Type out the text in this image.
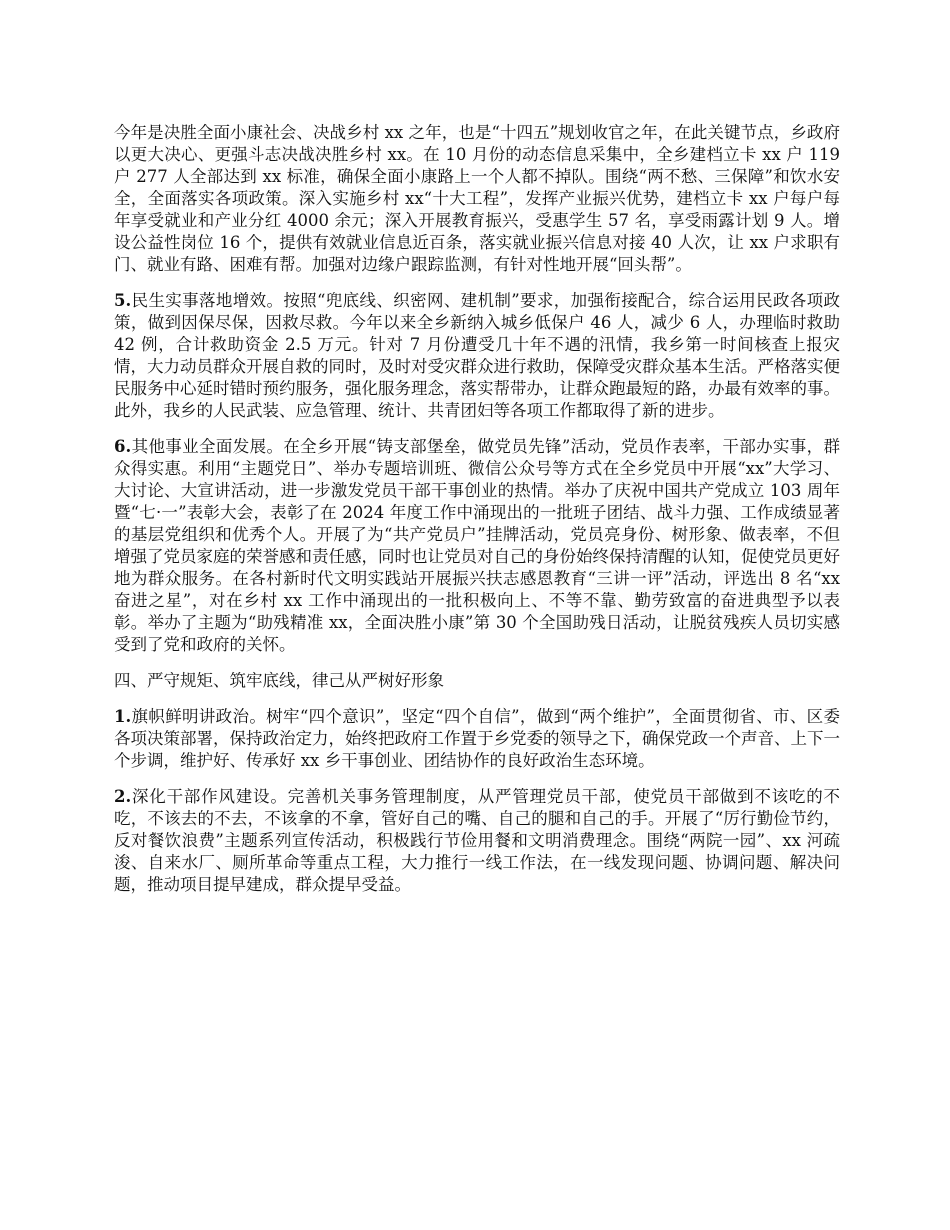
今年是决胜全面小康社会、决战乡村 xx 之年，也是“十四五”规划收官之年，在此关键节点，乡政府以更大决心、更强斗志决战决胜乡村 xx。在 10 月份的动态信息采集中，全乡建档立卡 xx 户 119 户 277 人全部达到 xx 标准，确保全面小康路上一个人都不掉队。围绕“两不愁、三保障”和饮水安全，全面落实各项政策。深入实施乡村 xx“十大工程”，发挥产业振兴优势，建档立卡 xx 户每户每年享受就业和产业分红 4000 余元；深入开展教育振兴，受惠学生 57 名，享受雨露计划 9 人。增设公益性岗位 16 个，提供有效就业信息近百条，落实就业振兴信息对接 40 人次，让 xx 户求职有门、就业有路、困难有帮。加强对边缘户跟踪监测，有针对性地开展“回头帮”。

5.民生实事落地增效。按照“兜底线、织密网、建机制”要求，加强衔接配合，综合运用民政各项政策，做到因保尽保，因救尽救。今年以来全乡新纳入城乡低保户 46 人，减少 6 人，办理临时救助 42 例，合计救助资金 2.5 万元。针对 7 月份遭受几十年不遇的汛情，我乡第一时间核查上报灾情，大力动员群众开展自救的同时，及时对受灾群众进行救助，保障受灾群众基本生活。严格落实便民服务中心延时错时预约服务，强化服务理念，落实帮带办，让群众跑最短的路，办最有效率的事。此外，我乡的人民武装、应急管理、统计、共青团妇等各项工作都取得了新的进步。

6.其他事业全面发展。在全乡开展“铸支部堡垒，做党员先锋”活动，党员作表率，干部办实事，群众得实惠。利用“主题党日”、举办专题培训班、微信公众号等方式在全乡党员中开展“xx”大学习、大讨论、大宣讲活动，进一步激发党员干部干事创业的热情。举办了庆祝中国共产党成立 103 周年暨“七·一”表彰大会，表彰了在 2024 年度工作中涌现出的一批班子团结、战斗力强、工作成绩显著的基层党组织和优秀个人。开展了为“共产党员户”挂牌活动，党员亮身份、树形象、做表率，不但增强了党员家庭的荣誉感和责任感，同时也让党员对自己的身份始终保持清醒的认知，促使党员更好地为群众服务。在各村新时代文明实践站开展振兴扶志感恩教育“三讲一评”活动，评选出 8 名“xx 奋进之星”，对在乡村 xx 工作中涌现出的一批积极向上、不等不靠、勤劳致富的奋进典型予以表彰。举办了主题为“助残精准 xx，全面决胜小康”第 30 个全国助残日活动，让脱贫残疾人员切实感受到了党和政府的关怀。

四、严守规矩、筑牢底线，律己从严树好形象

1.旗帜鲜明讲政治。树牢“四个意识”，坚定“四个自信”，做到“两个维护”，全面贯彻省、市、区委各项决策部署，保持政治定力，始终把政府工作置于乡党委的领导之下，确保党政一个声音、上下一个步调，维护好、传承好 xx 乡干事创业、团结协作的良好政治生态环境。

2.深化干部作风建设。完善机关事务管理制度，从严管理党员干部，使党员干部做到不该吃的不吃，不该去的不去，不该拿的不拿，管好自己的嘴、自己的腿和自己的手。开展了“厉行勤俭节约，反对餐饮浪费”主题系列宣传活动，积极践行节俭用餐和文明消费理念。围绕“两院一园”、xx 河疏浚、自来水厂、厕所革命等重点工程，大力推行一线工作法，在一线发现问题、协调问题、解决问题，推动项目提早建成，群众提早受益。
